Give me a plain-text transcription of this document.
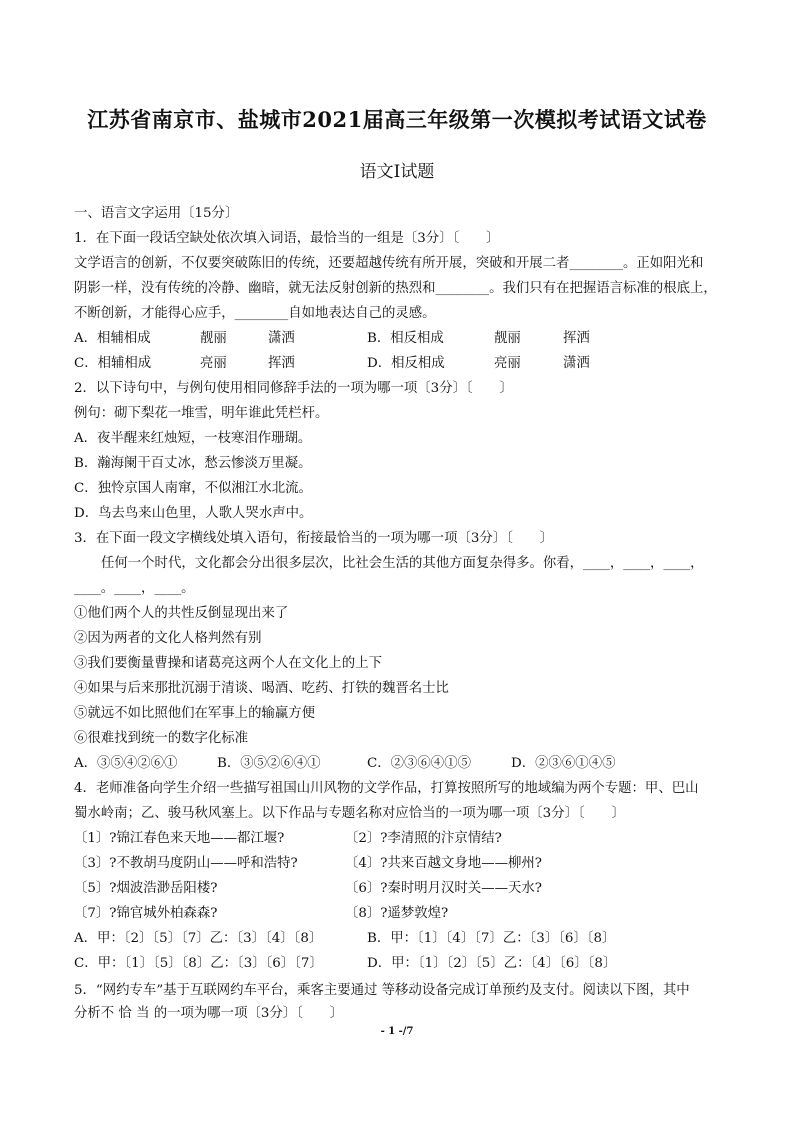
江苏省南京市、盐城市2021届高三年级第一次模拟考试语文试卷
语文Ⅰ试题
一、语言文字运用〔15分〕
1．在下面一段话空缺处依次填入词语，最恰当的一组是〔3分〕〔　　〕
文学语言的创新，不仅要突破陈旧的传统，还要超越传统有所开展，突破和开展二者________。正如阳光和
阴影一样，没有传统的冷静、幽暗，就无法反射创新的热烈和________。我们只有在把握语言标准的根底上，
不断创新，才能得心应手，________自如地表达自己的灵感。
A．相辅相成	靓丽	潇洒	B．相反相成	靓丽	挥洒
C．相辅相成	亮丽	挥洒	D．相反相成	亮丽	潇洒
2．以下诗句中，与例句使用相同修辞手法的一项为哪一项〔3分〕〔　　〕
例句：砌下梨花一堆雪，明年谁此凭栏杆。
A．夜半醒来红烛短，一枝寒泪作珊瑚。
B．瀚海阑干百丈冰，愁云惨淡万里凝。
C．独怜京国人南窜，不似湘江水北流。
D．鸟去鸟来山色里，人歌人哭水声中。
3．在下面一段文字横线处填入语句，衔接最恰当的一项为哪一项〔3分〕〔　　〕
任何一个时代，文化都会分出很多层次，比社会生活的其他方面复杂得多。你看，____，____，____，
____。____，____。
①他们两个人的共性反倒显现出来了
②因为两者的文化人格判然有别
③我们要衡量曹操和诸葛亮这两个人在文化上的上下
④如果与后来那批沉溺于清谈、喝酒、吃药、打铁的魏晋名士比
⑤就远不如比照他们在军事上的输赢方便
⑥很难找到统一的数字化标准
A．③⑤④②⑥①	B．③⑤②⑥④①	C．②③⑥④①⑤	D．②③⑥①④⑤
4．老师准备向学生介绍一些描写祖国山川风物的文学作品，打算按照所写的地域编为两个专题：甲、巴山
蜀水岭南；乙、骏马秋风塞上。以下作品与专题名称对应恰当的一项为哪一项〔3分〕〔　　〕
〔1〕?锦江春色来天地——都江堰?	〔2〕?李清照的汴京情结?
〔3〕?不教胡马度阴山——呼和浩特?	〔4〕?共来百越文身地——柳州?
〔5〕?烟波浩渺岳阳楼?	〔6〕?秦时明月汉时关——天水?
〔7〕?锦官城外柏森森?	〔8〕?遥梦敦煌?
A．甲：〔2〕〔5〕〔7〕乙：〔3〕〔4〕〔8〕	B．甲：〔1〕〔4〕〔7〕乙：〔3〕〔6〕〔8〕
C．甲：〔1〕〔5〕〔8〕乙：〔3〕〔6〕〔7〕	D．甲：〔1〕〔2〕〔5〕乙：〔4〕〔6〕〔8〕
5．“网约专车”基于互联网约车平台，乘客主要通过 等移动设备完成订单预约及支付。阅读以下图，其中
分析不 恰 当 的一项为哪一项〔3分〕〔　　〕
- 1 -/7
